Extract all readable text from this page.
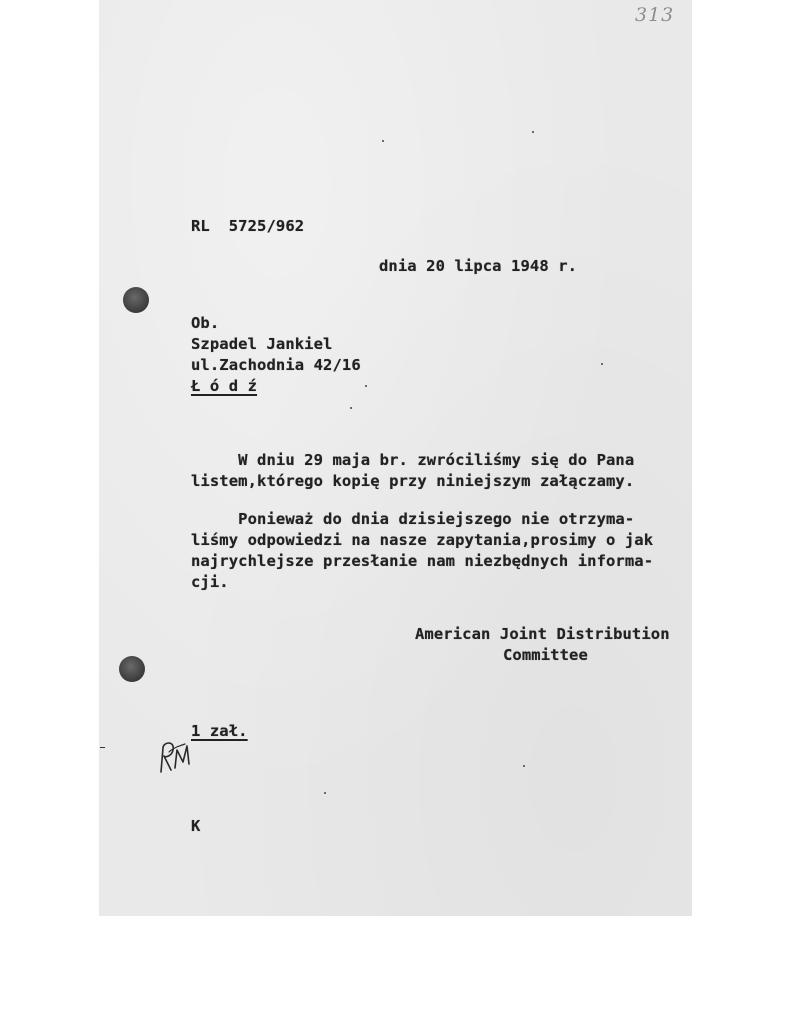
313
RL  5725/962
dnia 20 lipca 1948 r.
Ob.
Szpadel Jankiel
ul.Zachodnia 42/16
Ł ó d ź
W dniu 29 maja br. zwróciliśmy się do Pana
listem,którego kopię przy niniejszym załączamy.
Ponieważ do dnia dzisiejszego nie otrzyma-
liśmy odpowiedzi na nasze zapytania,prosimy o jak
najrychlejsze przesłanie nam niezbędnych informa-
cji.
American Joint Distribution
Committee
1 zał.
K
